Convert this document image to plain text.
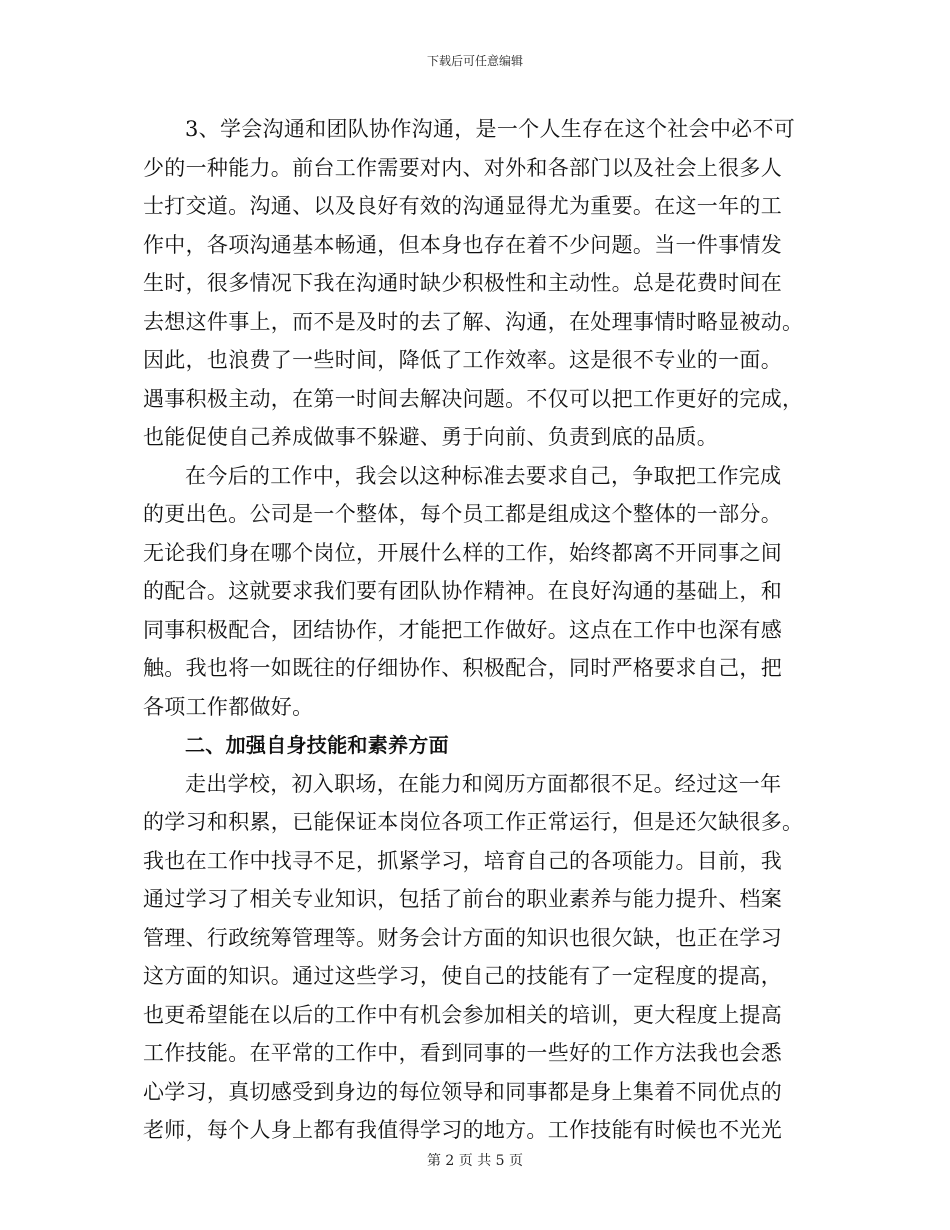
下载后可任意编辑
3、学会沟通和团队协作沟通，是一个人生存在这个社会中必不可
少的一种能力。前台工作需要对内、对外和各部门以及社会上很多人
士打交道。沟通、以及良好有效的沟通显得尤为重要。在这一年的工
作中，各项沟通基本畅通，但本身也存在着不少问题。当一件事情发
生时，很多情况下我在沟通时缺少积极性和主动性。总是花费时间在
去想这件事上，而不是及时的去了解、沟通，在处理事情时略显被动。
因此，也浪费了一些时间，降低了工作效率。这是很不专业的一面。
遇事积极主动，在第一时间去解决问题。不仅可以把工作更好的完成，
也能促使自己养成做事不躲避、勇于向前、负责到底的品质。
在今后的工作中，我会以这种标准去要求自己，争取把工作完成
的更出色。公司是一个整体，每个员工都是组成这个整体的一部分。
无论我们身在哪个岗位，开展什么样的工作，始终都离不开同事之间
的配合。这就要求我们要有团队协作精神。在良好沟通的基础上，和
同事积极配合，团结协作，才能把工作做好。这点在工作中也深有感
触。我也将一如既往的仔细协作、积极配合，同时严格要求自己，把
各项工作都做好。
二、加强自身技能和素养方面
走出学校，初入职场，在能力和阅历方面都很不足。经过这一年
的学习和积累，已能保证本岗位各项工作正常运行，但是还欠缺很多。
我也在工作中找寻不足，抓紧学习，培育自己的各项能力。目前，我
通过学习了相关专业知识，包括了前台的职业素养与能力提升、档案
管理、行政统筹管理等。财务会计方面的知识也很欠缺，也正在学习
这方面的知识。通过这些学习，使自己的技能有了一定程度的提高，
也更希望能在以后的工作中有机会参加相关的培训，更大程度上提高
工作技能。在平常的工作中，看到同事的一些好的工作方法我也会悉
心学习，真切感受到身边的每位领导和同事都是身上集着不同优点的
老师，每个人身上都有我值得学习的地方。工作技能有时候也不光光
第 2 页 共 5 页
